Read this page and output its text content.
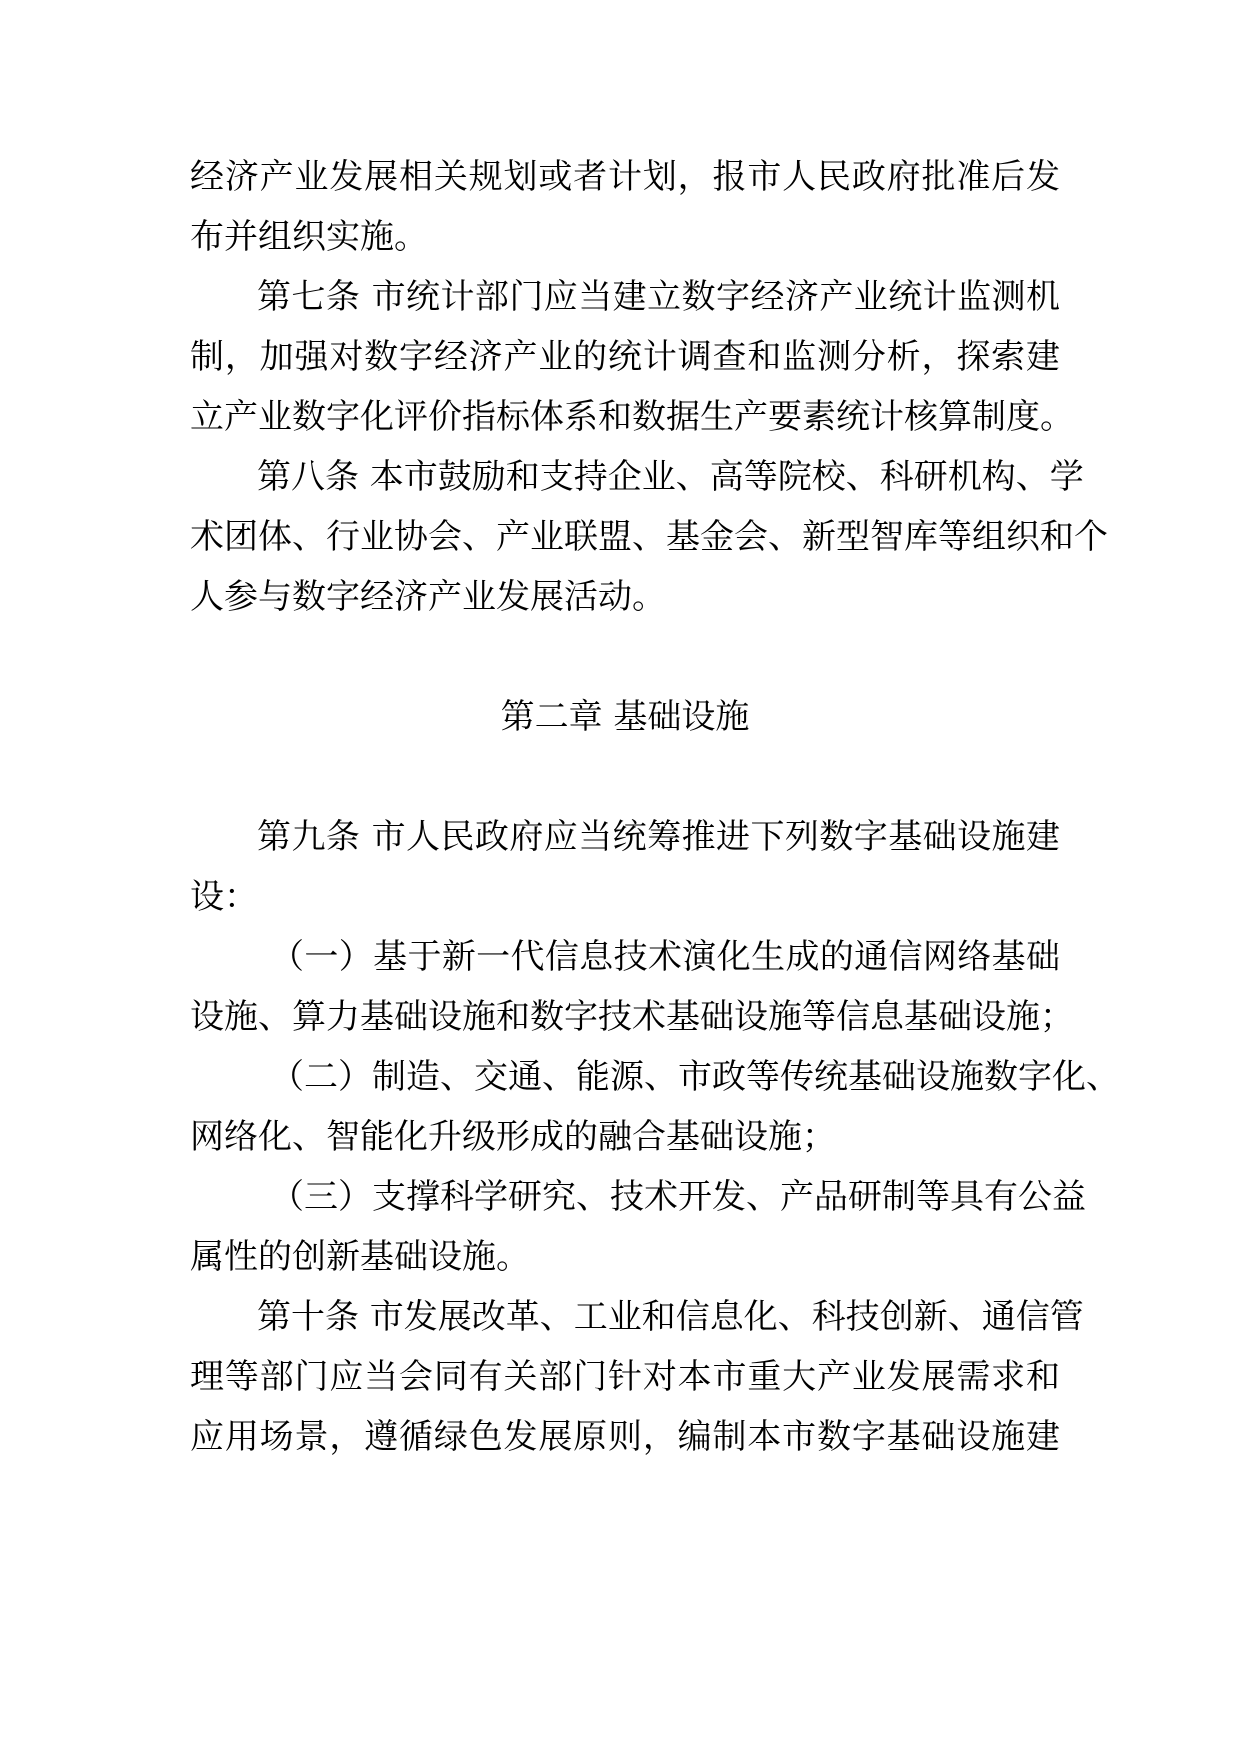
经济产业发展相关规划或者计划，报市人民政府批准后发
布并组织实施。
第七条 市统计部门应当建立数字经济产业统计监测机
制，加强对数字经济产业的统计调查和监测分析，探索建
立产业数字化评价指标体系和数据生产要素统计核算制度。
第八条 本市鼓励和支持企业、高等院校、科研机构、学
术团体、行业协会、产业联盟、基金会、新型智库等组织和个
人参与数字经济产业发展活动。
第二章 基础设施
第九条 市人民政府应当统筹推进下列数字基础设施建
设：
（一）基于新一代信息技术演化生成的通信网络基础
设施、算力基础设施和数字技术基础设施等信息基础设施；
（二）制造、交通、能源、市政等传统基础设施数字化、
网络化、智能化升级形成的融合基础设施；
（三）支撑科学研究、技术开发、产品研制等具有公益
属性的创新基础设施。
第十条 市发展改革、工业和信息化、科技创新、通信管
理等部门应当会同有关部门针对本市重大产业发展需求和
应用场景，遵循绿色发展原则，编制本市数字基础设施建
